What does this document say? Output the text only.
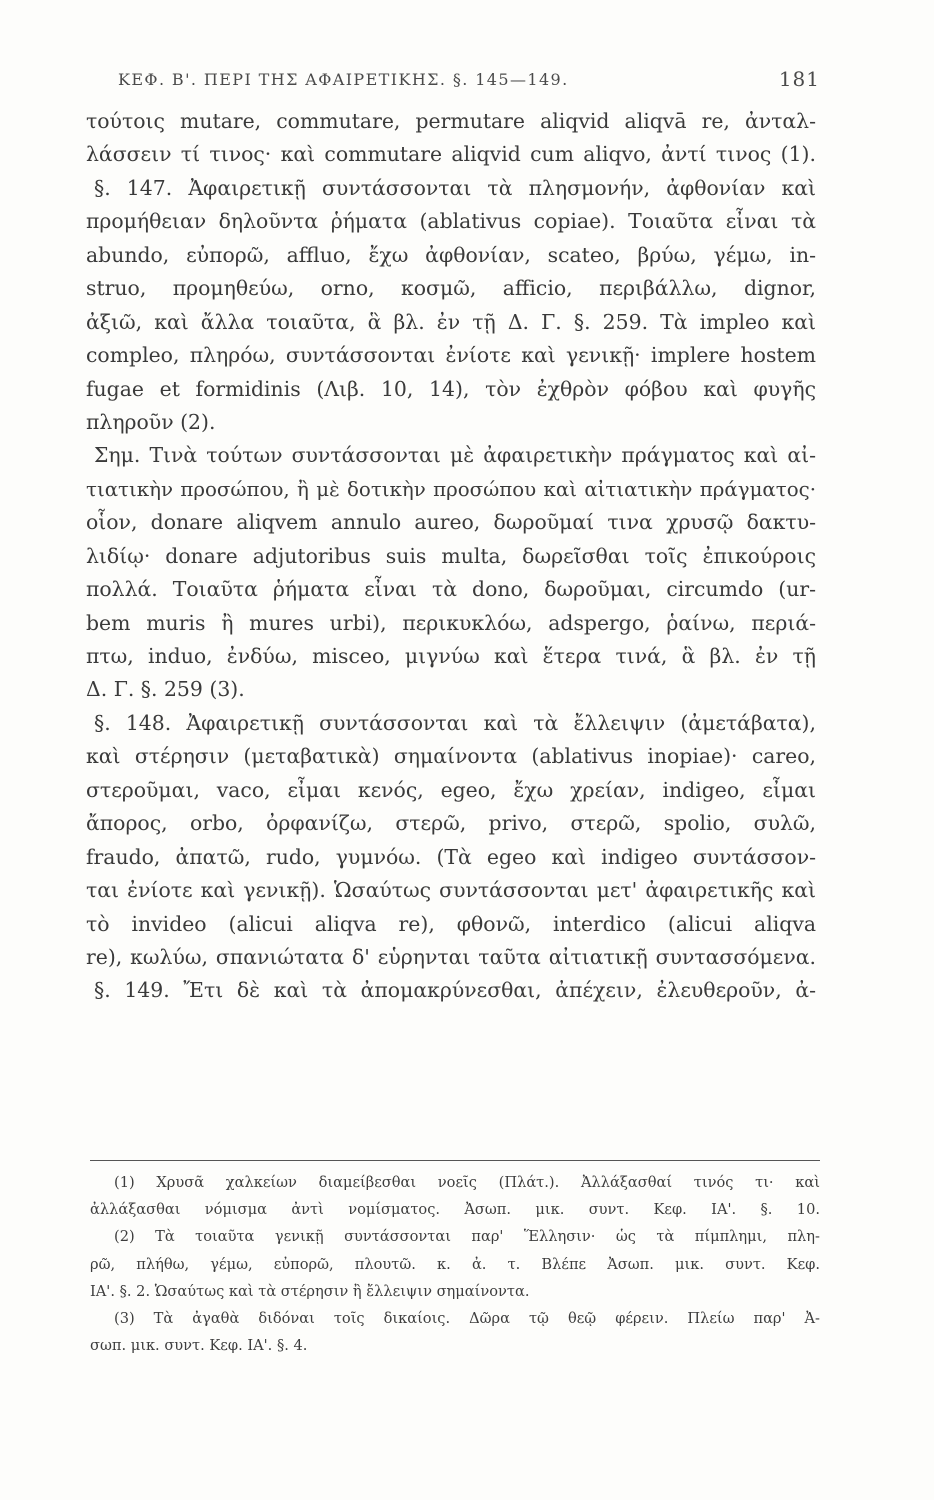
ΚΕΦ. Β'. ΠΕΡΙ ΤΗΣ ΑΦΑΙΡΕΤΙΚΗΣ. §. 145—149.	181
τούτοις mutare, commutare, permutare aliqvid aliqvā re, ἀνταλ-
λάσσειν τί τινος· καὶ commutare aliqvid cum aliqvo, ἀντί τινος (1).
§. 147. Ἀφαιρετικῇ συντάσσονται τὰ πλησμονήν, ἀφθονίαν καὶ
προμήθειαν δηλοῦντα ῥήματα (ablativus copiae). Τοιαῦτα εἶναι τὰ
abundo, εὐπορῶ, affluo, ἔχω ἀφθονίαν, scateo, βρύω, γέμω, in-
struo, προμηθεύω, orno, κοσμῶ, afficio, περιβάλλω, dignor,
ἀξιῶ, καὶ ἄλλα τοιαῦτα, ἃ βλ. ἐν τῇ Δ. Γ. §. 259. Τὰ impleo καὶ
compleo, πληρόω, συντάσσονται ἐνίοτε καὶ γενικῇ· implere hostem
fugae et formidinis (Λιβ. 10, 14), τὸν ἐχθρὸν φόβου καὶ φυγῆς
πληροῦν (2).
Σημ. Τινὰ τούτων συντάσσονται μὲ ἀφαιρετικὴν πράγματος καὶ αἰ-
τιατικὴν προσώπου, ἢ μὲ δοτικὴν προσώπου καὶ αἰτιατικὴν πράγματος·
οἷον, donare aliqvem annulo aureo, δωροῦμαί τινα χρυσῷ δακτυ-
λιδίῳ· donare adjutoribus suis multa, δωρεῖσθαι τοῖς ἐπικούροις
πολλά. Τοιαῦτα ῥήματα εἶναι τὰ dono, δωροῦμαι, circumdo (ur-
bem muris ἢ mures urbi), περικυκλόω, adspergo, ῥαίνω, περιά-
πτω, induo, ἐνδύω, misceo, μιγνύω καὶ ἕτερα τινά, ἃ βλ. ἐν τῇ
Δ. Γ. §. 259 (3).
§. 148. Ἀφαιρετικῇ συντάσσονται καὶ τὰ ἔλλειψιν (ἀμετάβατα),
καὶ στέρησιν (μεταβατικὰ) σημαίνοντα (ablativus inopiae)· careo,
στεροῦμαι, vaco, εἶμαι κενός, egeo, ἔχω χρείαν, indigeo, εἶμαι
ἄπορος, orbo, ὀρφανίζω, στερῶ, privo, στερῶ, spolio, συλῶ,
fraudo, ἀπατῶ, rudo, γυμνόω. (Τὰ egeo καὶ indigeo συντάσσον-
ται ἐνίοτε καὶ γενικῇ). Ὡσαύτως συντάσσονται μετ' ἀφαιρετικῆς καὶ
τὸ invideo (alicui aliqva re), φθονῶ, interdico (alicui aliqva
re), κωλύω, σπανιώτατα δ' εὑρηνται ταῦτα αἰτιατικῇ συντασσόμενα.
§. 149. Ἔτι δὲ καὶ τὰ ἀπομακρύνεσθαι, ἀπέχειν, ἐλευθεροῦν, ἀ-
(1) Χρυσᾶ χαλκείων διαμείβεσθαι νοεῖς (Πλάτ.). Ἀλλάξασθαί τινός τι· καὶ
ἀλλάξασθαι νόμισμα ἀντὶ νομίσματος. Ἀσωπ. μικ. συντ. Κεφ. ΙΑ'. §. 10.
(2) Τὰ τοιαῦτα γενικῇ συντάσσονται παρ' Ἕλλησιν· ὡς τὰ πίμπλημι, πλη-
ρῶ, πλήθω, γέμω, εὐπορῶ, πλουτῶ. κ. ἀ. τ. Βλέπε Ἀσωπ. μικ. συντ. Κεφ.
ΙΑ'. §. 2. Ὡσαύτως καὶ τὰ στέρησιν ἢ ἔλλειψιν σημαίνοντα.
(3) Τὰ ἀγαθὰ διδόναι τοῖς δικαίοις. Δῶρα τῷ θεῷ φέρειν. Πλείω παρ' Ἀ-
σωπ. μικ. συντ. Κεφ. ΙΑ'. §. 4.
